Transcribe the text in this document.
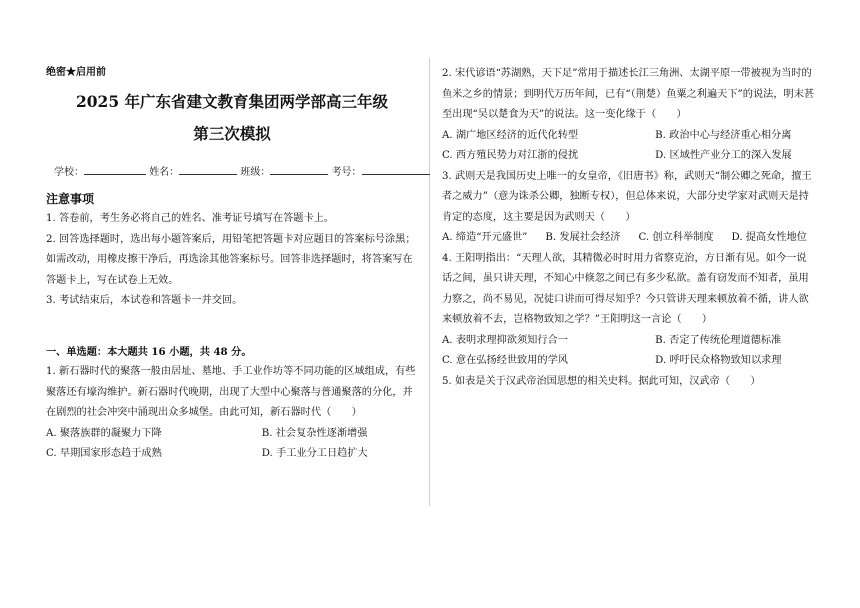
绝密★启用前
2025 年广东省建文教育集团两学部高三年级
第三次模拟
学校：	姓名：	班级：	考号：
注意事项

1. 答卷前，考生务必将自己的姓名、准考证号填写在答题卡上。

2. 回答选择题时，选出每小题答案后，用铅笔把答题卡对应题目的答案标号涂黑；如需改动，用橡皮擦干净后，再选涂其他答案标号。回答非选择题时，将答案写在答题卡上，写在试卷上无效。

3. 考试结束后，本试卷和答题卡一并交回。

一、单选题：本大题共 16 小题，共 48 分。

1. 新石器时代的聚落一般由居址、墓地、手工业作坊等不同功能的区域组成，有些聚落还有壕沟维护。新石器时代晚期，出现了大型中心聚落与普通聚落的分化，并在剧烈的社会冲突中涌现出众多城堡。由此可知，新石器时代（　　）

A. 聚落族群的凝聚力下降	B. 社会复杂性逐渐增强
C. 早期国家形态趋于成熟	D. 手工业分工日趋扩大

2. 宋代谚语“苏湖熟，天下足”常用于描述长江三角洲、太湖平原一带被视为当时的鱼米之乡的情景；到明代万历年间，已有“（荆楚）鱼粟之利遍天下”的说法，明末甚至出现“吴以楚食为天”的说法。这一变化缘于（　　）

A. 湖广地区经济的近代化转型	B. 政治中心与经济重心相分离
C. 西方殖民势力对江浙的侵扰	D. 区域性产业分工的深入发展

3. 武则天是我国历史上唯一的女皇帝，《旧唐书》称，武则天“制公卿之死命，擅王者之威力”（意为诛杀公卿，独断专权），但总体来说，大部分史学家对武则天是持肯定的态度，这主要是因为武则天（　　）

A. 缔造“开元盛世” B. 发展社会经济 C. 创立科举制度 D. 提高女性地位

4. 王阳明指出：“天理人欲，其精微必时时用力省察克治，方日渐有见。如今一说话之间，虽只讲天理，不知心中倏忽之间已有多少私欲。盖有窃发而不知者，虽用力察之，尚不易见，况徒口讲而可得尽知乎？今只管讲天理来顿放着不循，讲人欲来顿放着不去，岂格物致知之学？”王阳明这一言论（　　）

A. 表明求理抑欲须知行合一	B. 否定了传统伦理道德标准
C. 意在弘扬经世致用的学风	D. 呼吁民众格物致知以求理

5. 如表是关于汉武帝治国思想的相关史料。据此可知，汉武帝（　　）
